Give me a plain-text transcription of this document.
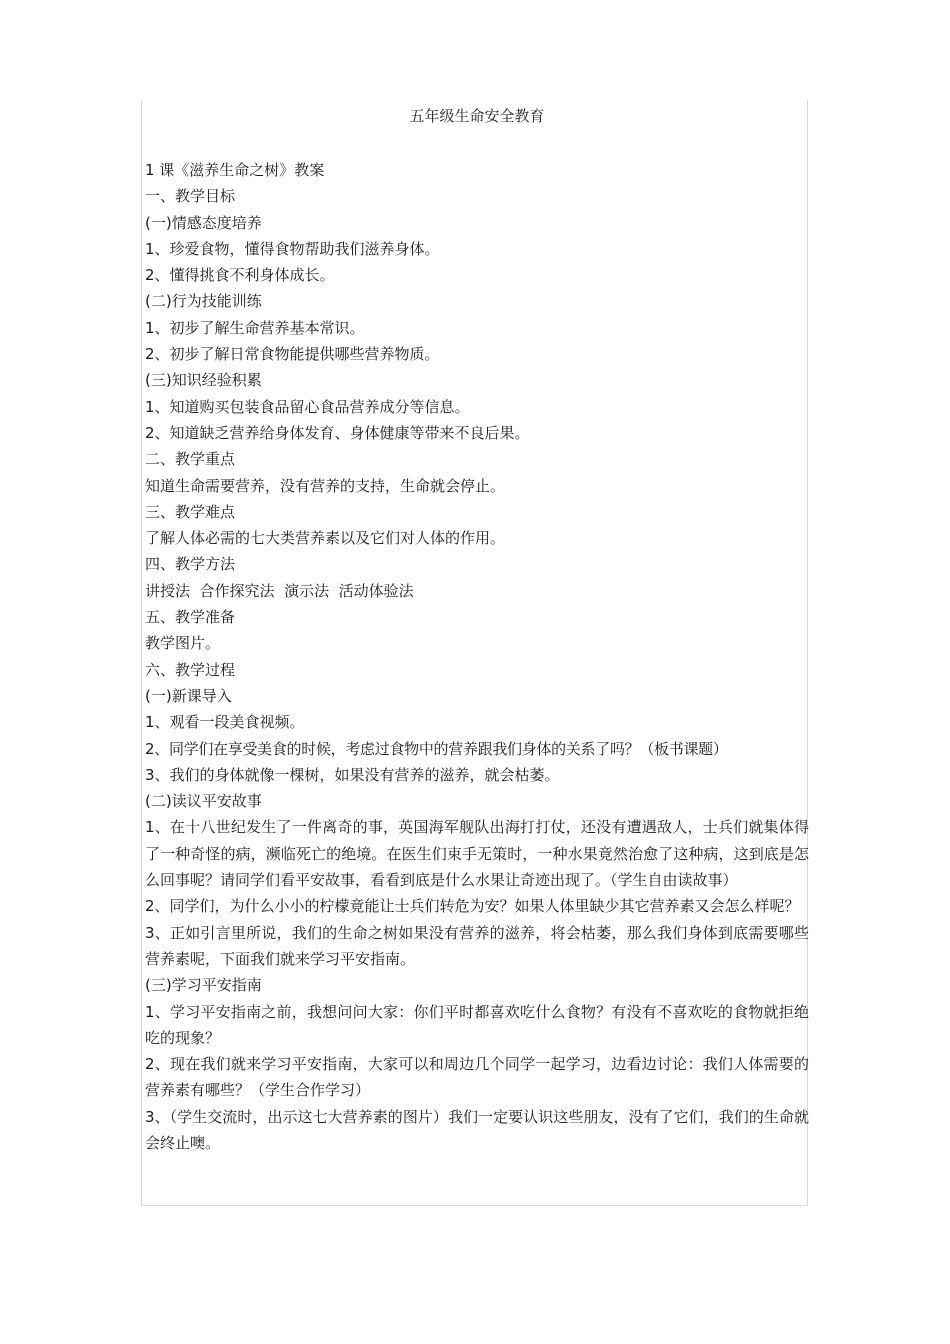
五年级生命安全教育

1 课《滋养生命之树》教案

一、教学目标

(一)情感态度培养

1、珍爱食物，懂得食物帮助我们滋养身体。

2、懂得挑食不利身体成长。

(二)行为技能训练

1、初步了解生命营养基本常识。

2、初步了解日常食物能提供哪些营养物质。

(三)知识经验积累

1、知道购买包装食品留心食品营养成分等信息。

2、知道缺乏营养给身体发育、身体健康等带来不良后果。

二、教学重点

知道生命需要营养，没有营养的支持，生命就会停止。

三、教学难点

了解人体必需的七大类营养素以及它们对人体的作用。

四、教学方法

讲授法  合作探究法  演示法  活动体验法

五、教学准备

教学图片。

六、教学过程

(一)新课导入

1、观看一段美食视频。

2、同学们在享受美食的时候，考虑过食物中的营养跟我们身体的关系了吗？（板书课题）

3、我们的身体就像一棵树，如果没有营养的滋养，就会枯萎。

(二)读议平安故事

1、在十八世纪发生了一件离奇的事，英国海军舰队出海打打仗，还没有遭遇敌人，士兵们就集体得了一种奇怪的病，濒临死亡的绝境。在医生们束手无策时，一种水果竟然治愈了这种病，这到底是怎么回事呢？请同学们看平安故事，看看到底是什么水果让奇迹出现了。（学生自由读故事）

2、同学们，为什么小小的柠檬竟能让士兵们转危为安？如果人体里缺少其它营养素又会怎么样呢？

3、正如引言里所说，我们的生命之树如果没有营养的滋养，将会枯萎，那么我们身体到底需要哪些营养素呢，下面我们就来学习平安指南。

(三)学习平安指南

1、学习平安指南之前，我想问问大家：你们平时都喜欢吃什么食物？有没有不喜欢吃的食物就拒绝吃的现象？

2、现在我们就来学习平安指南，大家可以和周边几个同学一起学习，边看边讨论：我们人体需要的营养素有哪些？（学生合作学习）

3、（学生交流时，出示这七大营养素的图片）我们一定要认识这些朋友，没有了它们，我们的生命就会终止噢。
